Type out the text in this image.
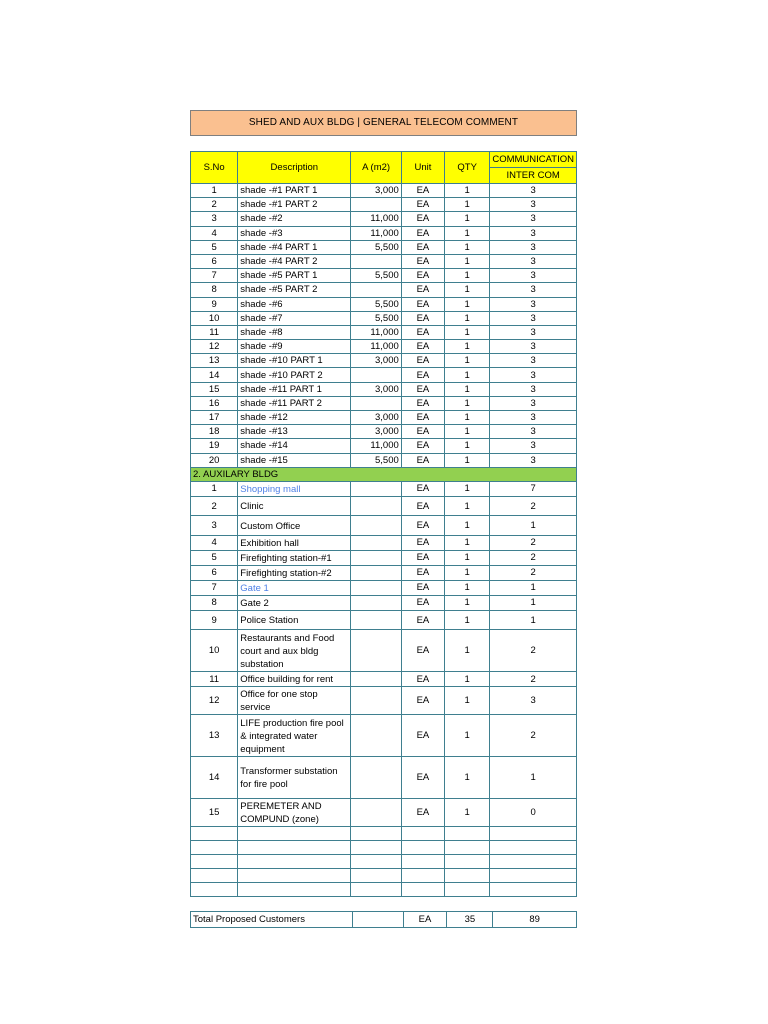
SHED AND AUX BLDG | GENERAL TELECOM COMMENT
S.No	Description	A (m2)	Unit	QTY	COMMUNICATION
					INTER COM
1	shade -#1 PART 1	3,000	EA	1	3
2	shade -#1 PART 2		EA	1	3
3	shade -#2	11,000	EA	1	3
4	shade -#3	11,000	EA	1	3
5	shade -#4 PART 1	5,500	EA	1	3
6	shade -#4 PART 2		EA	1	3
7	shade -#5 PART 1	5,500	EA	1	3
8	shade -#5 PART 2		EA	1	3
9	shade -#6	5,500	EA	1	3
10	shade -#7	5,500	EA	1	3
11	shade -#8	11,000	EA	1	3
12	shade -#9	11,000	EA	1	3
13	shade -#10 PART 1	3,000	EA	1	3
14	shade -#10 PART 2		EA	1	3
15	shade -#11 PART 1	3,000	EA	1	3
16	shade -#11 PART 2		EA	1	3
17	shade -#12	3,000	EA	1	3
18	shade -#13	3,000	EA	1	3
19	shade -#14	11,000	EA	1	3
20	shade -#15	5,500	EA	1	3
2. AUXILARY BLDG					
1	Shopping mall		EA	1	7
2	Clinic		EA	1	2
3	Custom Office		EA	1	1
4	Exhibition hall		EA	1	2
5	Firefighting station-#1		EA	1	2
6	Firefighting station-#2		EA	1	2
7	Gate 1		EA	1	1
8	Gate 2		EA	1	1
9	Police Station		EA	1	1
10	Restaurants and Food court and aux bldg substation		EA	1	2
11	Office building for rent		EA	1	2
12	Office for one stop service		EA	1	3
13	LIFE production fire pool & integrated water equipment		EA	1	2
14	Transformer substation for fire pool		EA	1	1
15	PEREMETER AND COMPUND (zone)		EA	1	0

Total Proposed Customers		EA	35	89
